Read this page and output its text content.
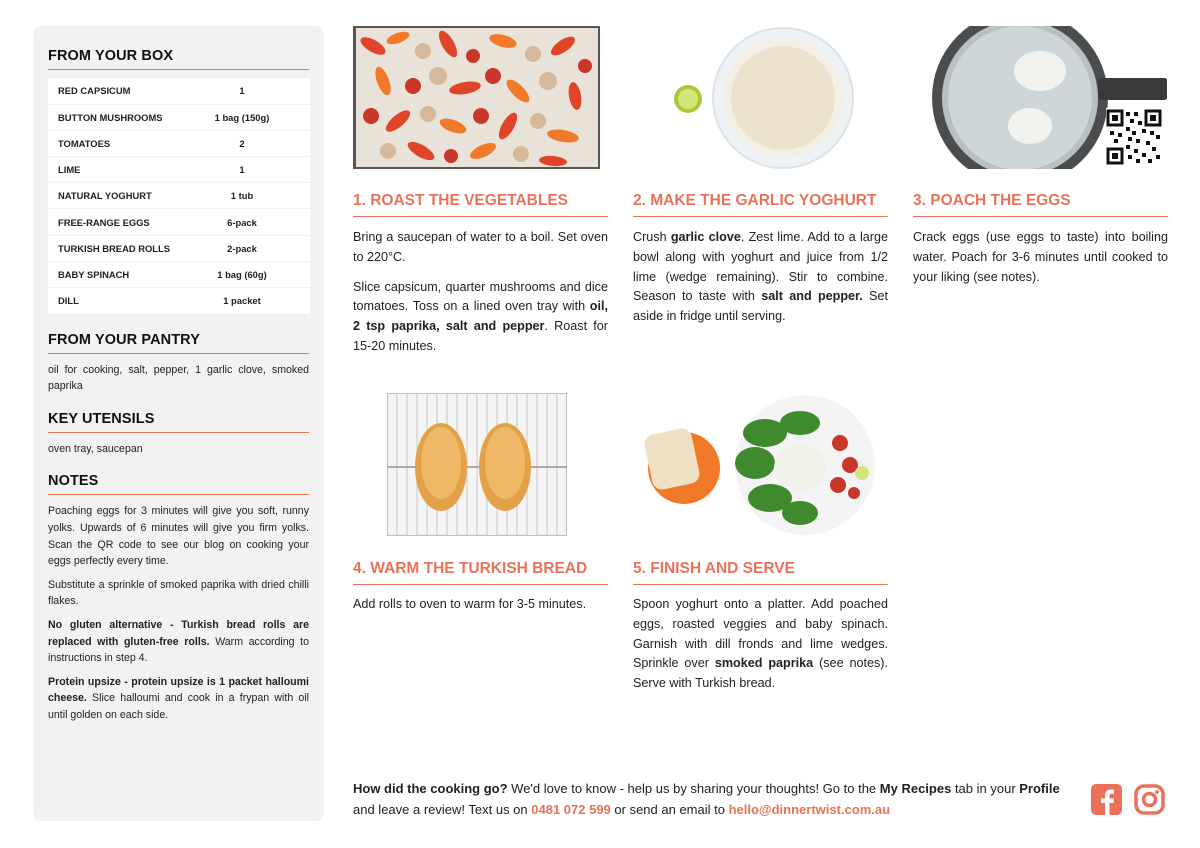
FROM YOUR BOX
RED CAPSICUM	1
BUTTON MUSHROOMS	1 bag (150g)
TOMATOES	2
LIME	1
NATURAL YOGHURT	1 tub
FREE-RANGE EGGS	6-pack
TURKISH BREAD ROLLS	2-pack
BABY SPINACH	1 bag (60g)
DILL	1 packet
FROM YOUR PANTRY
oil for cooking, salt, pepper, 1 garlic clove, smoked paprika
KEY UTENSILS
oven tray, saucepan
NOTES

Poaching eggs for 3 minutes will give you soft, runny yolks. Upwards of 6 minutes will give you firm yolks. Scan the QR code to see our blog on cooking your eggs perfectly every time.

Substitute a sprinkle of smoked paprika with dried chilli flakes.

No gluten alternative - Turkish bread rolls are replaced with gluten-free rolls. Warm according to instructions in step 4.

Protein upsize - protein upsize is 1 packet halloumi cheese. Slice halloumi and cook in a frypan with oil until golden on each side.

1. ROAST THE VEGETABLES

Bring a saucepan of water to a boil. Set oven to 220°C.

Slice capsicum, quarter mushrooms and dice tomatoes. Toss on a lined oven tray with oil, 2 tsp paprika, salt and pepper. Roast for 15-20 minutes.

2. MAKE THE GARLIC YOGHURT

Crush garlic clove. Zest lime. Add to a large bowl along with yoghurt and juice from 1/2 lime (wedge remaining). Stir to combine. Season to taste with salt and pepper. Set aside in fridge until serving.

3. POACH THE EGGS

Crack eggs (use eggs to taste) into boiling water. Poach for 3-6 minutes until cooked to your liking (see notes).

4. WARM THE TURKISH BREAD

Add rolls to oven to warm for 3-5 minutes.

5. FINISH AND SERVE

Spoon yoghurt onto a platter. Add poached eggs, roasted veggies and baby spinach. Garnish with dill fronds and lime wedges. Sprinkle over smoked paprika (see notes). Serve with Turkish bread.

How did the cooking go? We'd love to know - help us by sharing your thoughts! Go to the My Recipes tab in your Profile and leave a review! Text us on 0481 072 599 or send an email to hello@dinnertwist.com.au
